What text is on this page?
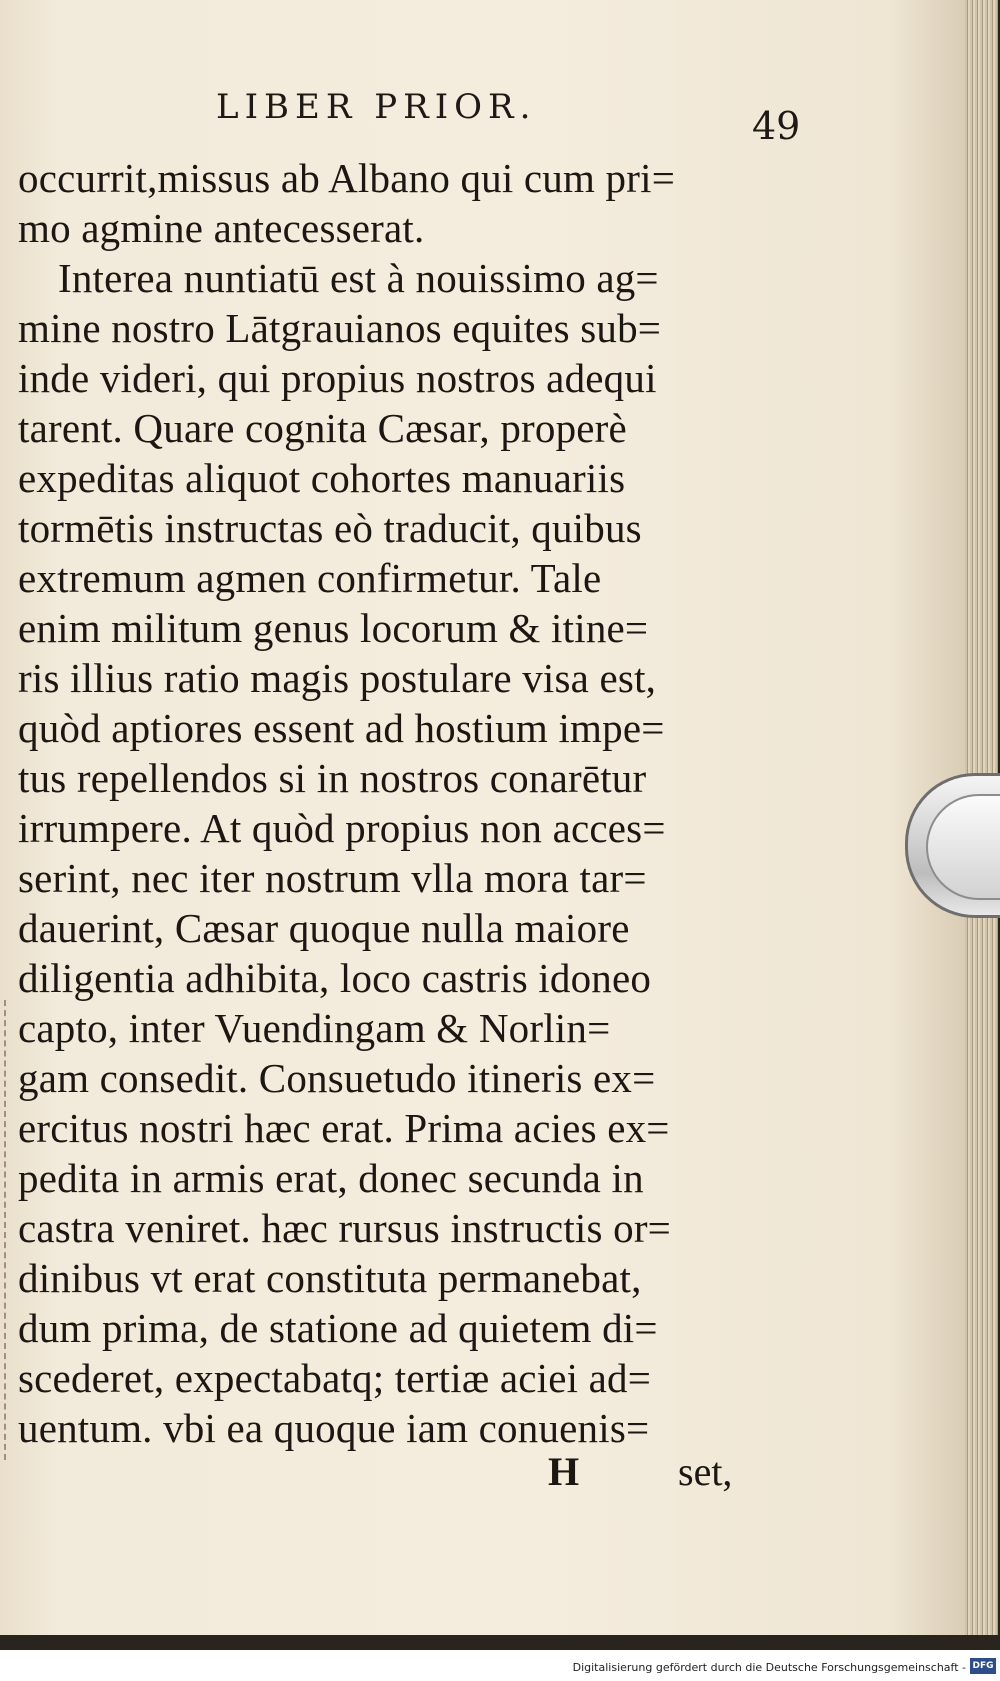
LIBER PRIOR.	49
occurrit,missus ab Albano qui cum pri=
mo agmine antecesserat.
Interea nuntiatū est à nouissimo ag=
mine nostro Lātgrauianos equites sub=
inde videri, qui propius nostros adequi
tarent. Quare cognita Cæsar, properè
expeditas aliquot cohortes manuariis
tormētis instructas eò traducit, quibus
extremum agmen confirmetur. Tale
enim militum genus locorum & itine=
ris illius ratio magis postulare visa est,
quòd aptiores essent ad hostium impe=
tus repellendos si in nostros conarētur
irrumpere. At quòd propius non acces=
serint, nec iter nostrum vlla mora tar=
dauerint, Cæsar quoque nulla maiore
diligentia adhibita, loco castris idoneo
capto, inter Vuendingam & Norlin=
gam consedit. Consuetudo itineris ex=
ercitus nostri hæc erat. Prima acies ex=
pedita in armis erat, donec secunda in
castra veniret. hæc rursus instructis or=
dinibus vt erat constituta permanebat,
dum prima, de statione ad quietem di=
scederet, expectabatq; tertiæ aciei ad=
uentum. vbi ea quoque iam conuenis=
H set,
Digitalisierung gefördert durch die Deutsche Forschungsgemeinschaft - DFG
